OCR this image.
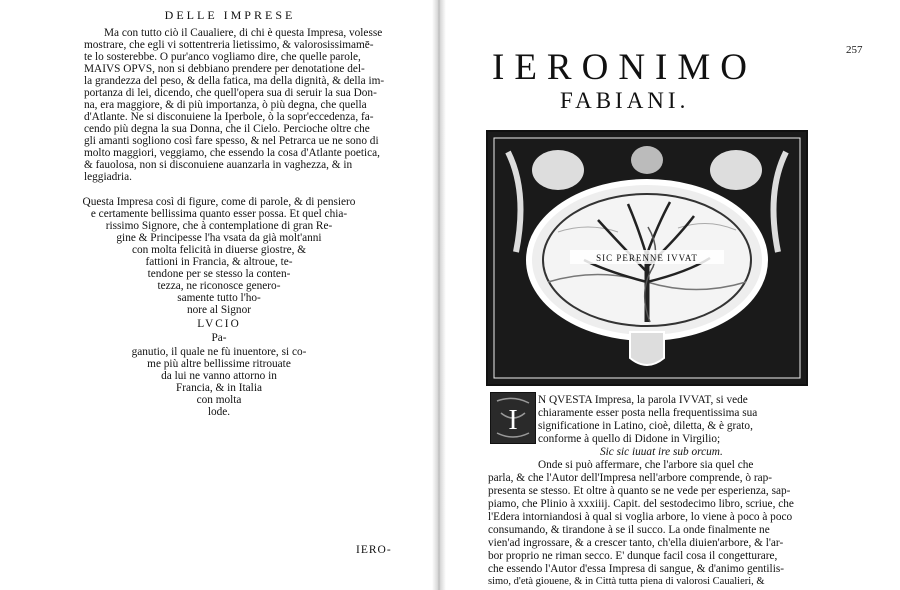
DELLE IMPRESE
Ma con tutto ciò il Caualiere, di chi è questa Impresa, volesse
mostrare, che egli vi sottentreria lietissimo, & valorosissimamē-
te lo sosterebbe. O pur'anco vogliamo dire, che quelle parole,
MAIVS OPVS, non si debbiano prendere per denotatione del-
la grandezza del peso, & della fatica, ma della dignità, & della im-
portanza di lei, dicendo, che quell'opera sua di seruir la sua Don-
na, era maggiore, & di più importanza, ò più degna, che quella
d'Atlante. Ne si disconuiene la Iperbole, ò la sopr'eccedenza, fa-
cendo più degna la sua Donna, che il Cielo. Percioche oltre che
gli amanti sogliono così fare spesso, & nel Petrarca ue ne sono di
molto maggiori, veggiamo, che essendo la cosa d'Atlante poetica,
& fauolosa, non si disconuiene auanzarla in vaghezza, & in
leggiadria.
Questa Impresa così di figure, come di parole, & di pensiero
e certamente bellissima quanto esser possa. Et quel chia-
rissimo Signore, che à contemplatione di gran Re-
gine & Principesse l'ha vsata da già molt'anni
con molta felicità in diuerse giostre, &
fattioni in Francia, & altroue, te-
tendone per se stesso la conten-
tezza, ne riconosce genero-
samente tutto l'ho-
nore al Signor
LVCIO
Pa-
ganutio, il quale ne fù inuentore, si co-
me più altre bellissime ritrouate
da lui ne vanno attorno in
Francia, & in Italia
con molta
lode.
IERO-
257
IERONIMO
FABIANI.
SIC PERENNE IVVAT
I
N QVESTA Impresa, la parola IVVAT, si vede
chiaramente esser posta nella frequentissima sua
significatione in Latino, cioè, diletta, & è grato,
conforme à quello di Didone in Virgilio;
Sic sic iuuat ire sub orcum.
Onde si può affermare, che l'arbore sia quel che
parla, & che l'Autor dell'Impresa nell'arbore comprende, ò rap-
presenta se stesso. Et oltre à quanto se ne vede per esperienza, sap-
piamo, che Plinio à xxxiiij. Capit. del sestodecimo libro, scriue, che
l'Edera intorniandosi à qual si voglia arbore, lo viene à poco à poco
consumando, & tirandone à se il succo. La onde finalmente ne
vien'ad ingrossare, & a crescer tanto, ch'ella diuien'arbore, & l'ar-
bor proprio ne riman secco. E' dunque facil cosa il congetturare,
che essendo l'Autor d'essa Impresa di sangue, & d'animo gentilis-
simo, d'età giouene, & in Città tutta piena di valorosi Caualieri, &
